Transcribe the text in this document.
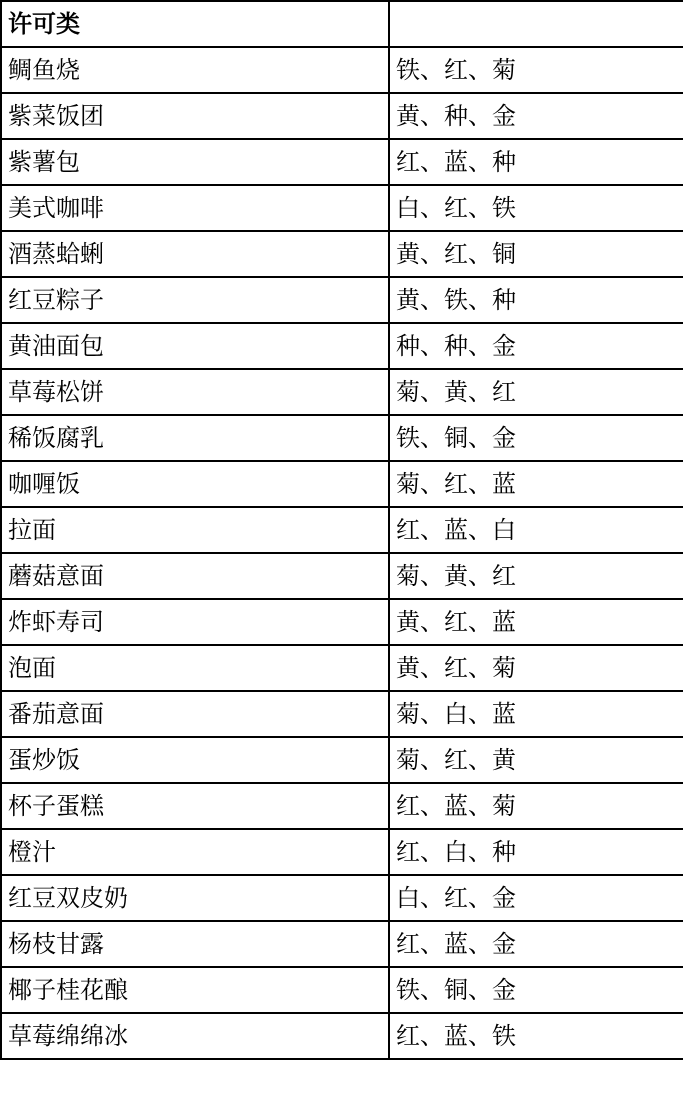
许可类	
鲷鱼烧	铁、红、菊
紫菜饭团	黄、种、金
紫薯包	红、蓝、种
美式咖啡	白、红、铁
酒蒸蛤蜊	黄、红、铜
红豆粽子	黄、铁、种
黄油面包	种、种、金
草莓松饼	菊、黄、红
稀饭腐乳	铁、铜、金
咖喱饭	菊、红、蓝
拉面	红、蓝、白
蘑菇意面	菊、黄、红
炸虾寿司	黄、红、蓝
泡面	黄、红、菊
番茄意面	菊、白、蓝
蛋炒饭	菊、红、黄
杯子蛋糕	红、蓝、菊
橙汁	红、白、种
红豆双皮奶	白、红、金
杨枝甘露	红、蓝、金
椰子桂花酿	铁、铜、金
草莓绵绵冰	红、蓝、铁
